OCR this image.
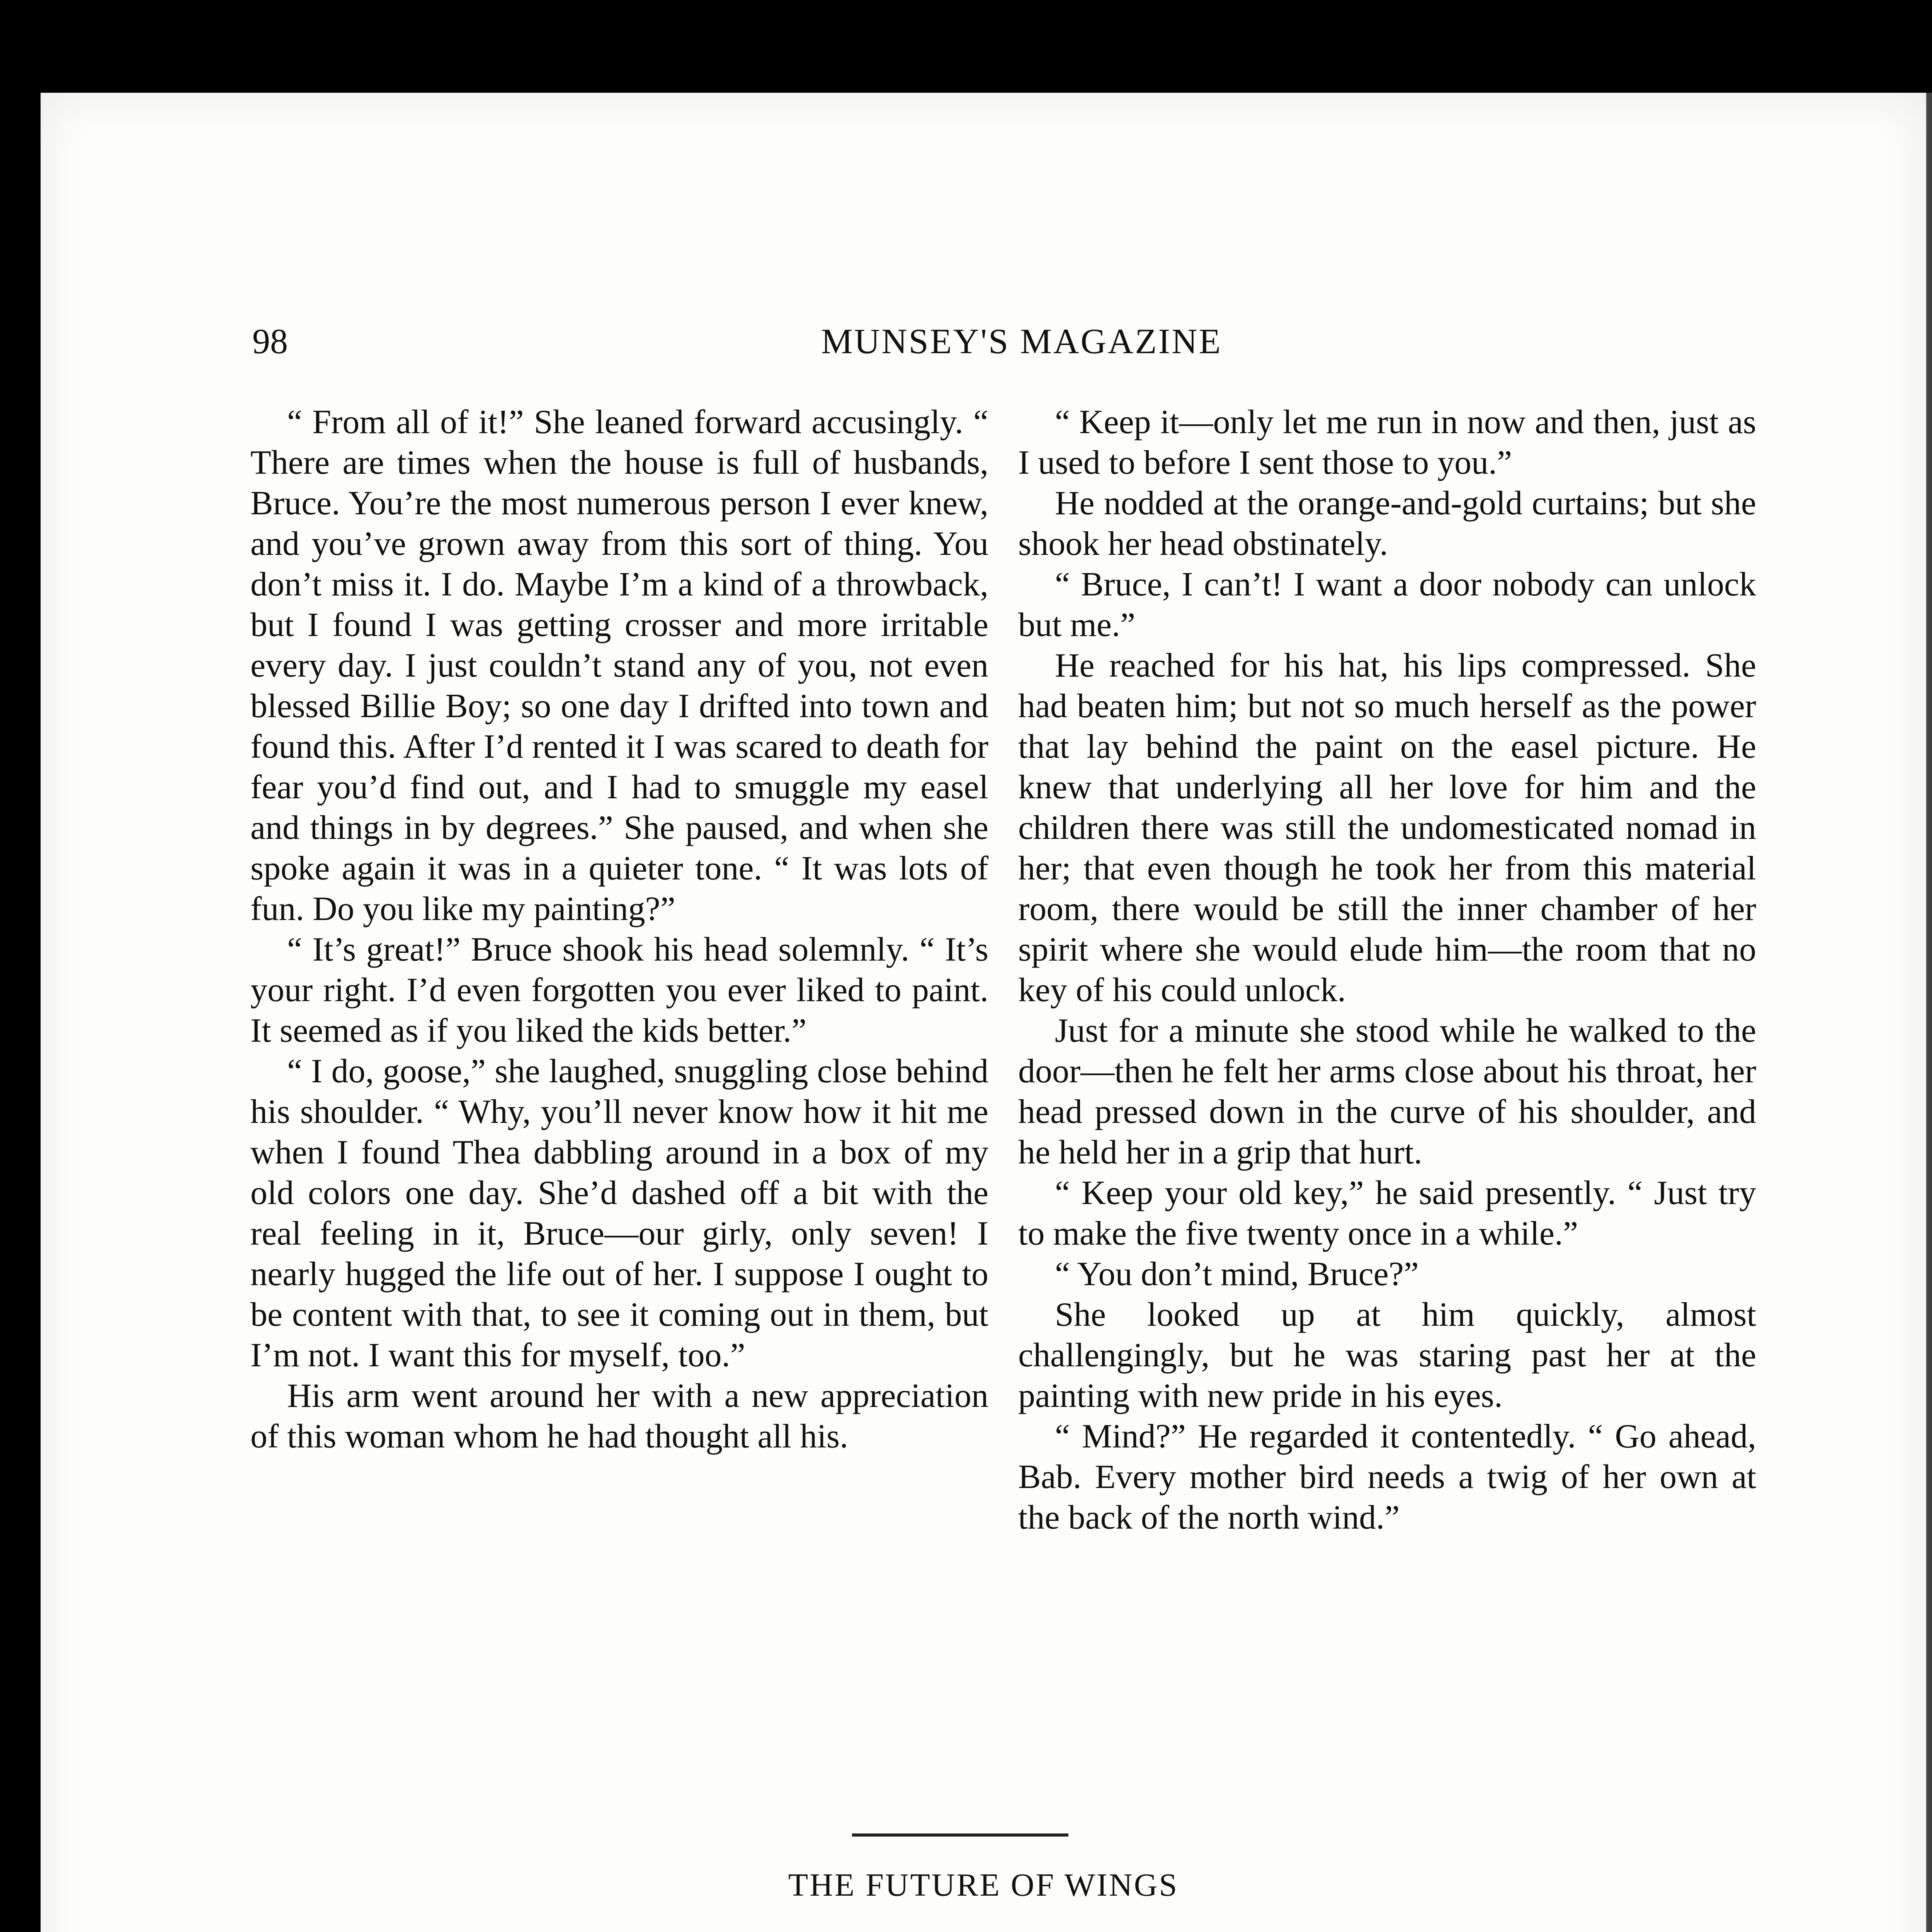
98	MUNSEY'S MAGAZINE

“ From all of it!” She leaned forward accusingly. “ There are times when the house is full of husbands, Bruce. You’re the most numerous person I ever knew, and you’ve grown away from this sort of thing. You don’t miss it. I do. Maybe I’m a kind of a throwback, but I found I was getting crosser and more irritable every day. I just couldn’t stand any of you, not even blessed Billie Boy; so one day I drifted into town and found this. After I’d rented it I was scared to death for fear you’d find out, and I had to smuggle my easel and things in by degrees.” She paused, and when she spoke again it was in a quieter tone. “ It was lots of fun. Do you like my painting?”

“ It’s great!” Bruce shook his head solemnly. “ It’s your right. I’d even forgotten you ever liked to paint. It seemed as if you liked the kids better.”

“ I do, goose,” she laughed, snuggling close behind his shoulder. “ Why, you’ll never know how it hit me when I found Thea dabbling around in a box of my old colors one day. She’d dashed off a bit with the real feeling in it, Bruce—our girly, only seven! I nearly hugged the life out of her. I suppose I ought to be content with that, to see it coming out in them, but I’m not. I want this for myself, too.”

His arm went around her with a new appreciation of this woman whom he had thought all his.

“ Keep it—only let me run in now and then, just as I used to before I sent those to you.”

He nodded at the orange-and-gold curtains; but she shook her head obstinately.

“ Bruce, I can’t! I want a door nobody can unlock but me.”

He reached for his hat, his lips compressed. She had beaten him; but not so much herself as the power that lay behind the paint on the easel picture. He knew that underlying all her love for him and the children there was still the undomesticated nomad in her; that even though he took her from this material room, there would be still the inner chamber of her spirit where she would elude him—the room that no key of his could unlock.

Just for a minute she stood while he walked to the door—then he felt her arms close about his throat, her head pressed down in the curve of his shoulder, and he held her in a grip that hurt.

“ Keep your old key,” he said presently. “ Just try to make the five twenty once in a while.”

“ You don’t mind, Bruce?”

She looked up at him quickly, almost challengingly, but he was staring past her at the painting with new pride in his eyes.

“ Mind?” He regarded it contentedly. “ Go ahead, Bab. Every mother bird needs a twig of her own at the back of the north wind.”

THE FUTURE OF WINGS
